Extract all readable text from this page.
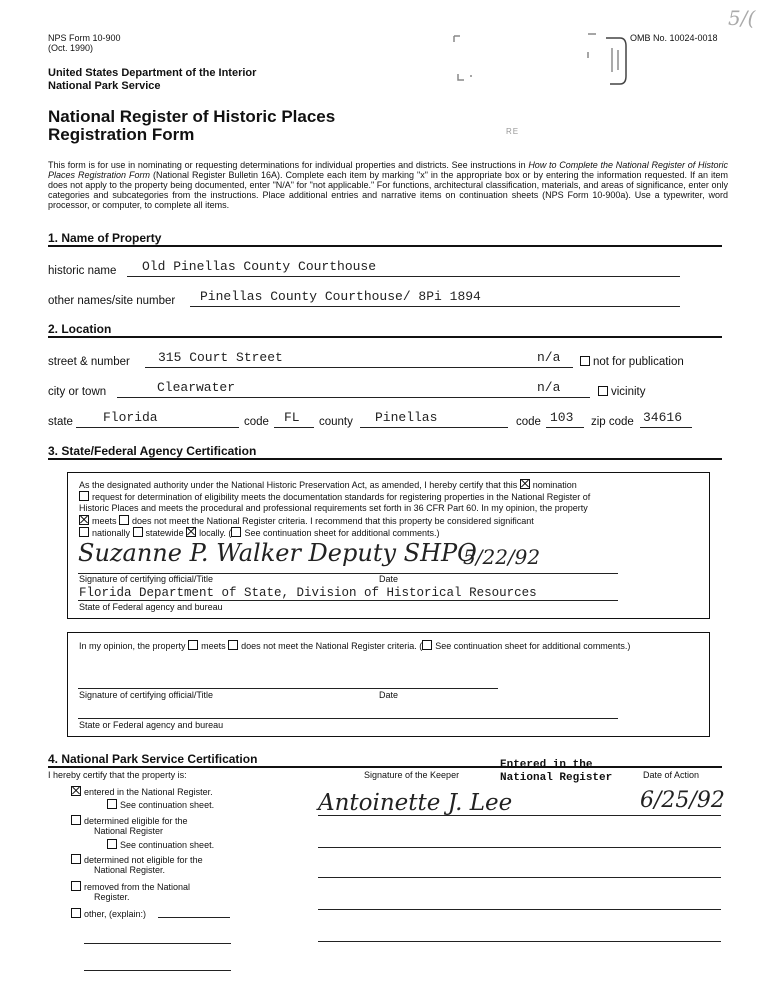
NPS Form 10-900
(Oct. 1990)
OMB No. 10024-0018
5/(
United States Department of the Interior
National Park Service
National Register of Historic Places
Registration Form	RE
This form is for use in nominating or requesting determinations for individual properties and districts. See instructions in How to Complete the National Register of Historic Places Registration Form (National Register Bulletin 16A). Complete each item by marking "x" in the appropriate box or by entering the information requested. If an item does not apply to the property being documented, enter "N/A" for "not applicable." For functions, architectural classification, materials, and areas of significance, enter only categories and subcategories from the instructions. Place additional entries and narrative items on continuation sheets (NPS Form 10-900a). Use a typewriter, word processor, or computer, to complete all items.
1. Name of Property
historic name Old Pinellas County Courthouse
other names/site number Pinellas County Courthouse/ 8Pi 1894
2. Location
street & number 315 Court Street	n/a	not for publication
city or town	Clearwater	n/a	vicinity
state Florida	code FL county Pinellas	code 103 zip code 34616
3. State/Federal Agency Certification
As the designated authority under the National Historic Preservation Act, as amended, I hereby certify that this nomination
request for determination of eligibility meets the documentation standards for registering properties in the National Register of
Historic Places and meets the procedural and professional requirements set forth in 36 CFR Part 60. In my opinion, the property
meets does not meet the National Register criteria. I recommend that this property be considered significant
nationally statewide locally. ( See continuation sheet for additional comments.)
Suzanne P. Walker Deputy SHPO
5/22/92
Signature of certifying official/Title	Date
Florida Department of State, Division of Historical Resources
State of Federal agency and bureau
In my opinion, the property meets does not meet the National Register criteria. ( See continuation sheet for additional comments.)
Signature of certifying official/Title	Date
State or Federal agency and bureau
4. National Park Service Certification
I hereby certify that the property is:	Signature of the Keeper
Entered in the
National Register	Date of Action
Antoinette J. Lee	6/25/92
entered in the National Register.
See continuation sheet.
determined eligible for the
National Register
See continuation sheet.
determined not eligible for the
National Register.
removed from the National
Register.
other, (explain:)
